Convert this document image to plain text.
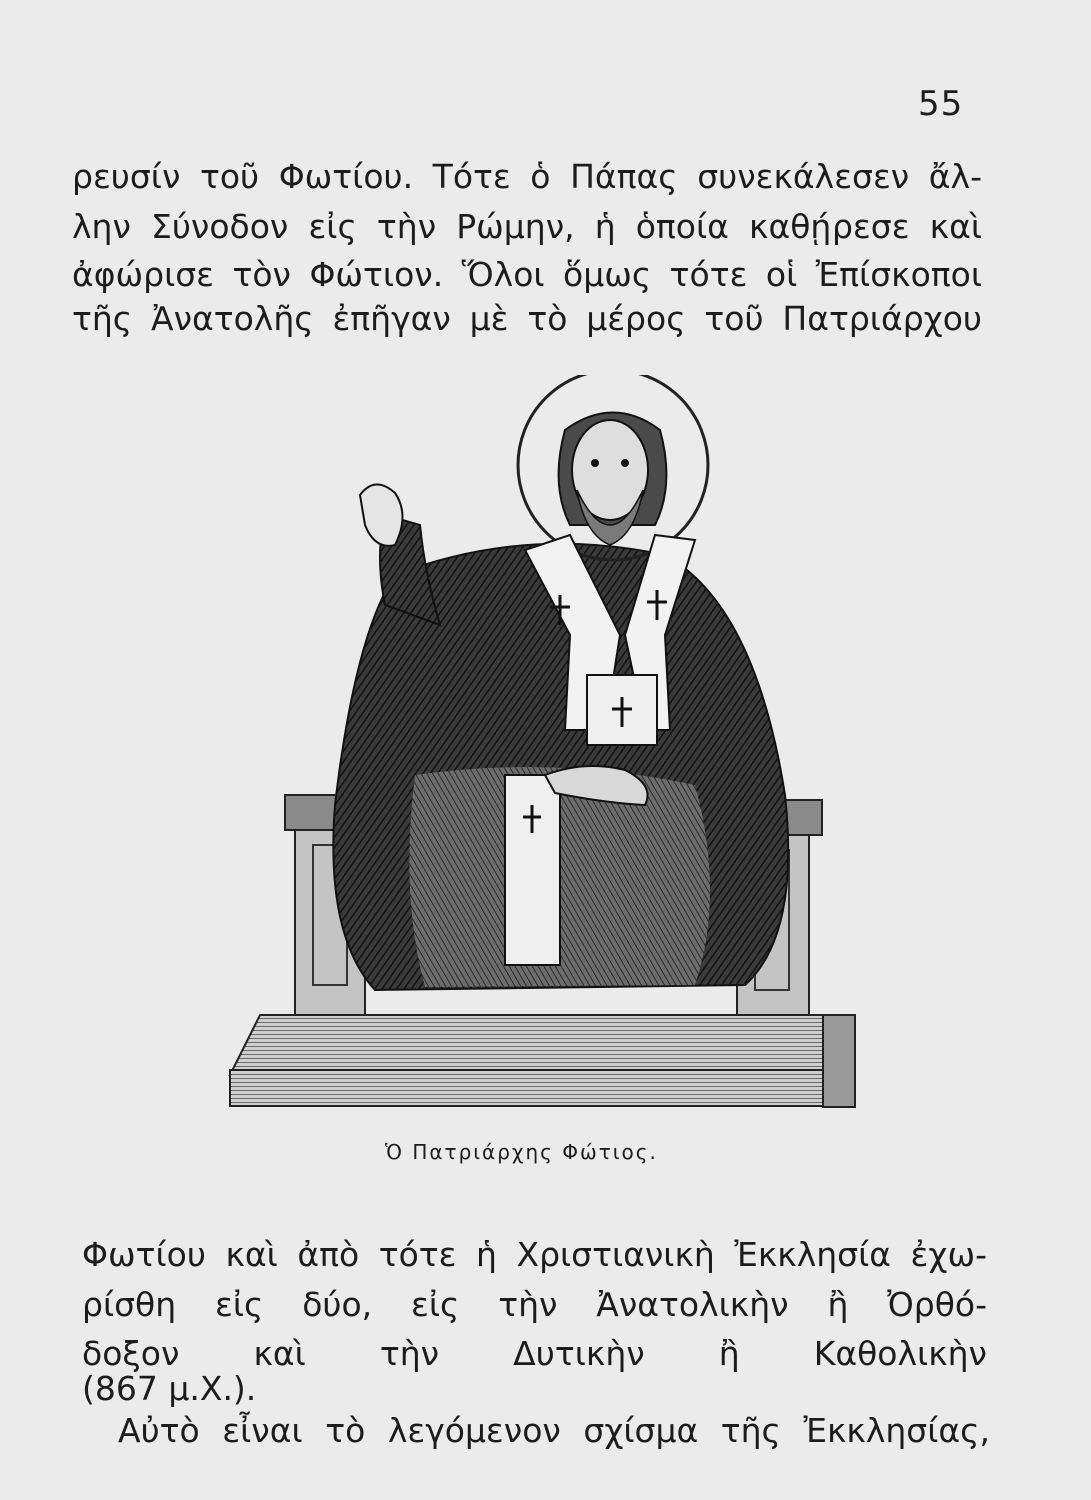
55
ρευσίν τοῦ Φωτίου. Τότε ὁ Πάπας συνεκάλεσεν ἄλ-
λην Σύνοδον εἰς τὴν Ρώμην, ἡ ὁποία καθῄρεσε καὶ
ἀφώρισε τὸν Φώτιον. Ὅλοι ὅμως τότε οἱ Ἐπίσκοποι
τῆς Ἀνατολῆς ἐπῆγαν μὲ τὸ μέρος τοῦ Πατριάρχου
Ὁ Πατριάρχης Φώτιος.
Φωτίου καὶ ἀπὸ τότε ἡ Χριστιανικὴ Ἐκκλησία ἐχω-
ρίσθη εἰς δύο, εἰς τὴν Ἀνατολικὴν ἢ Ὀρθό-
δοξον καὶ τὴν Δυτικὴν ἢ Καθολικὴν
(867 μ.Χ.).
Αὐτὸ εἶναι τὸ λεγόμενον σχίσμα τῆς Ἐκκλησίας,
